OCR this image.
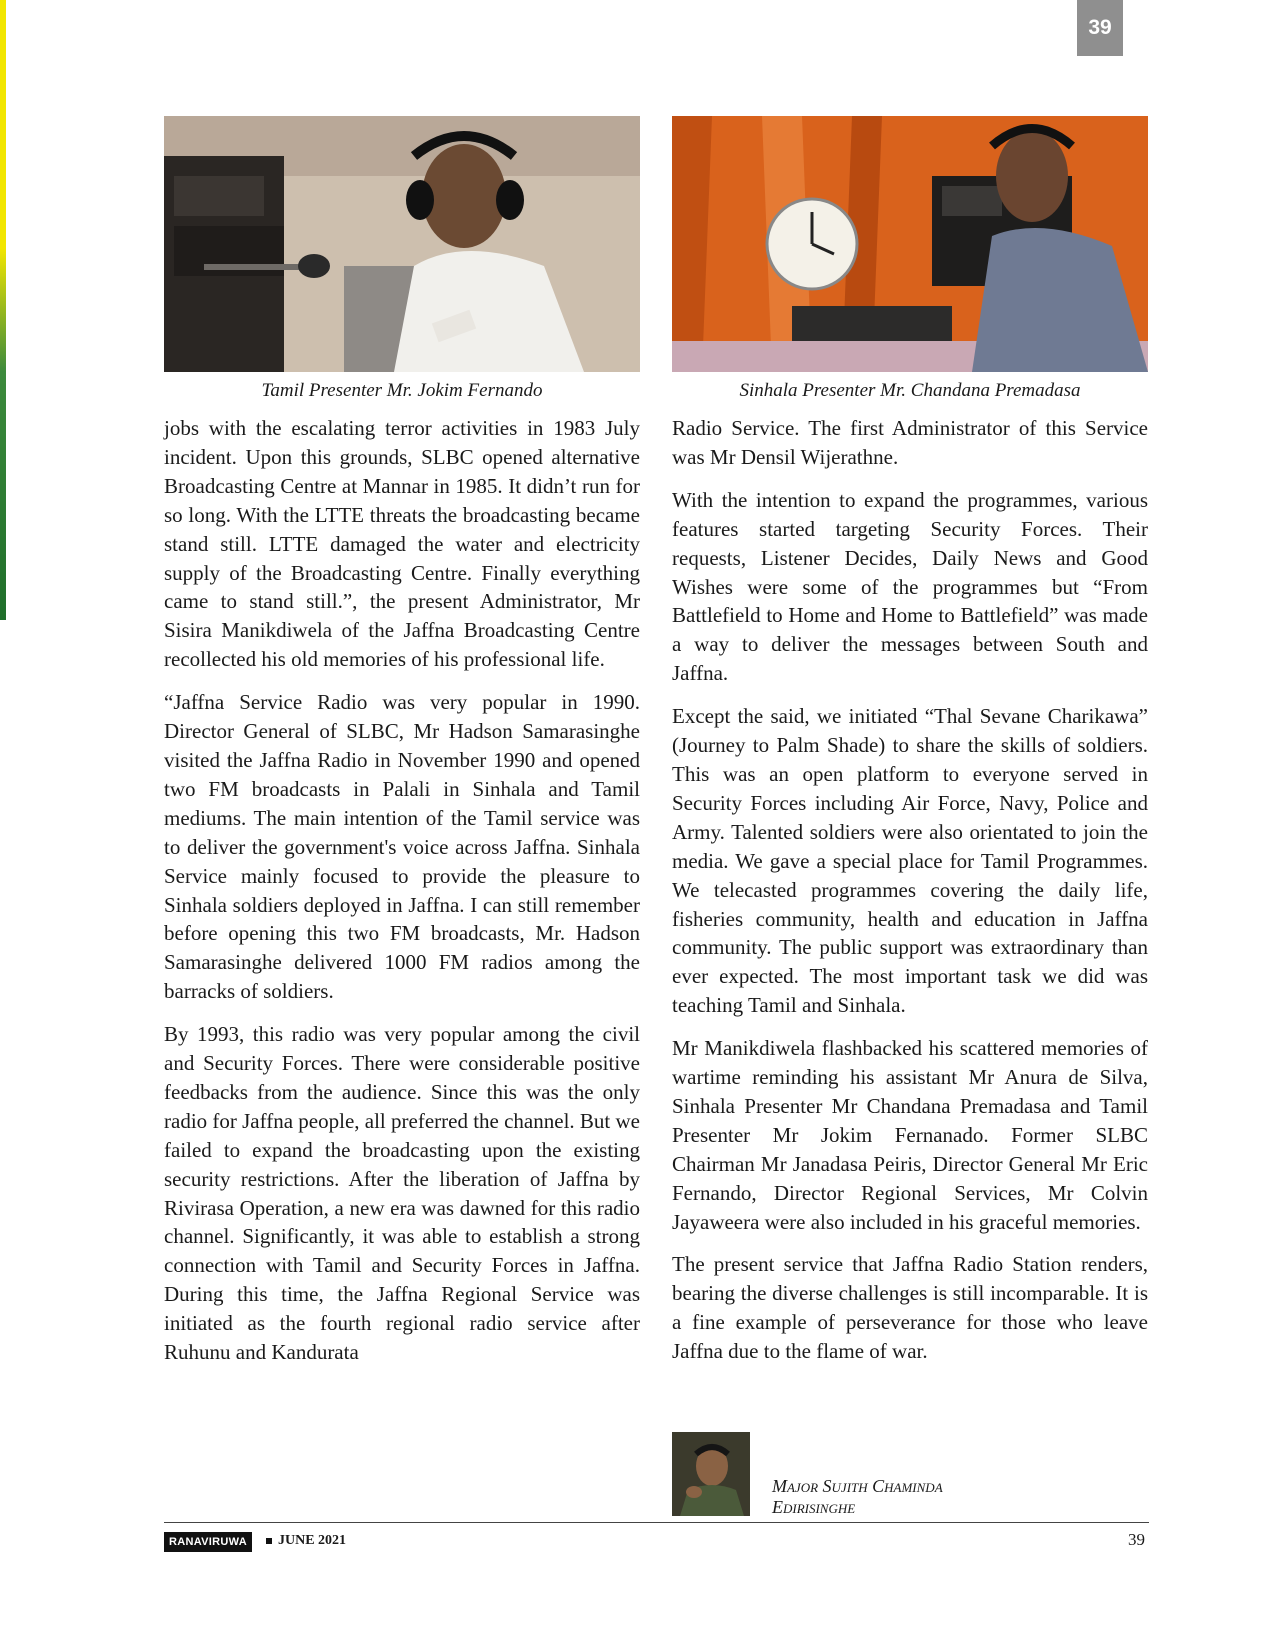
39
Tamil Presenter Mr. Jokim Fernando	Sinhala Presenter Mr. Chandana Premadasa

jobs with the escalating terror activities in 1983 July incident. Upon this grounds, SLBC opened alternative Broadcasting Centre at Mannar in 1985. It didn’t run for so long. With the LTTE threats the broadcasting became stand still. LTTE damaged the water and electricity supply of the Broadcasting Centre. Finally everything came to stand still.”, the present Administrator, Mr Sisira Manikdiwela of the Jaffna Broadcasting Centre recollected his old memories of his professional life.

“Jaffna Service Radio was very popular in 1990. Director General of SLBC, Mr Hadson Samarasinghe visited the Jaffna Radio in November 1990 and opened two FM broadcasts in Palali in Sinhala and Tamil mediums. The main intention of the Tamil service was to deliver the government's voice across Jaffna. Sinhala Service mainly focused to provide the pleasure to Sinhala soldiers deployed in Jaffna. I can still remember before opening this two FM broadcasts, Mr. Hadson Samarasinghe delivered 1000 FM radios among the barracks of soldiers.

By 1993, this radio was very popular among the civil and Security Forces. There were considerable positive feedbacks from the audience. Since this was the only radio for Jaffna people, all preferred the channel. But we failed to expand the broadcasting upon the existing security restrictions. After the liberation of Jaffna by Rivirasa Operation, a new era was dawned for this radio channel. Significantly, it was able to establish a strong connection with Tamil and Security Forces in Jaffna. During this time, the Jaffna Regional Service was initiated as the fourth regional radio service after Ruhunu and Kandurata

Radio Service. The first Administrator of this Service was Mr Densil Wijerathne.

With the intention to expand the programmes, various features started targeting Security Forces. Their requests, Listener Decides, Daily News and Good Wishes were some of the programmes but “From Battlefield to Home and Home to Battlefield” was made a way to deliver the messages between South and Jaffna.

Except the said, we initiated “Thal Sevane Charikawa” (Journey to Palm Shade) to share the skills of soldiers. This was an open platform to everyone served in Security Forces including Air Force, Navy, Police and Army. Talented soldiers were also orientated to join the media. We gave a special place for Tamil Programmes. We telecasted programmes covering the daily life, fisheries community, health and education in Jaffna community. The public support was extraordinary than ever expected. The most important task we did was teaching Tamil and Sinhala.

Mr Manikdiwela flashbacked his scattered memories of wartime reminding his assistant Mr Anura de Silva, Sinhala Presenter Mr Chandana Premadasa and Tamil Presenter Mr Jokim Fernanado. Former SLBC Chairman Mr Janadasa Peiris, Director General Mr Eric Fernando, Director Regional Services, Mr Colvin Jayaweera were also included in his graceful memories.

The present service that Jaffna Radio Station renders, bearing the diverse challenges is still incomparable. It is a fine example of perseverance for those who leave Jaffna due to the flame of war.

Major Sujith Chaminda
Edirisinghe
RANAVIRUWA	JUNE 2021	39
